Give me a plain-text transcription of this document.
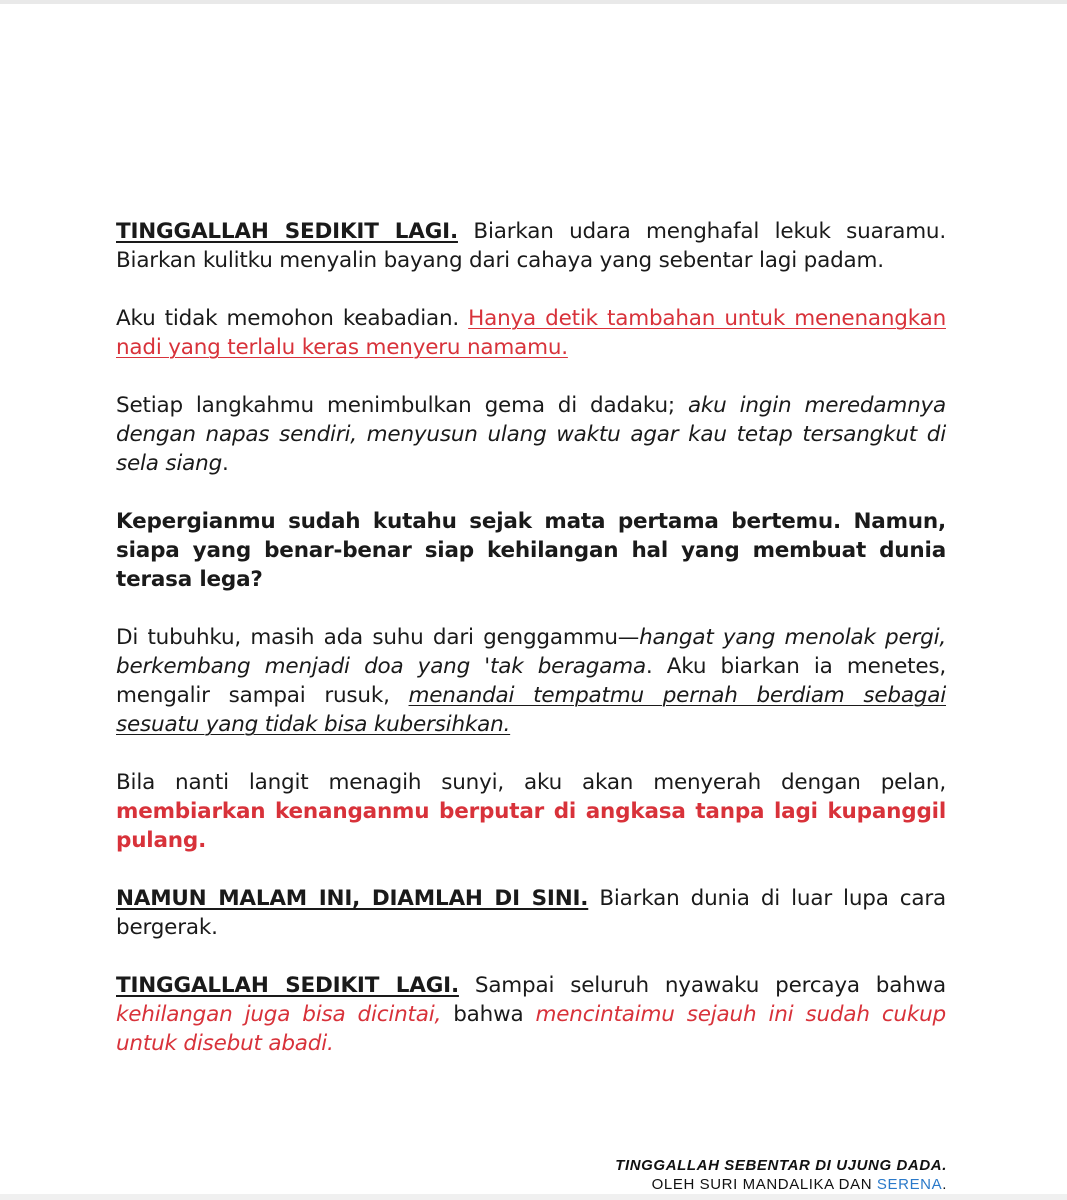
TINGGALLAH SEDIKIT LAGI. Biarkan udara menghafal lekuk suaramu. Biarkan kulitku menyalin bayang dari cahaya yang sebentar lagi padam.

Aku tidak memohon keabadian. Hanya detik tambahan untuk menenangkan nadi yang terlalu keras menyeru namamu.

Setiap langkahmu menimbulkan gema di dadaku; aku ingin meredamnya dengan napas sendiri, menyusun ulang waktu agar kau tetap tersangkut di sela siang.

Kepergianmu sudah kutahu sejak mata pertama bertemu. Namun, siapa yang benar-benar siap kehilangan hal yang membuat dunia terasa lega?

Di tubuhku, masih ada suhu dari genggammu—hangat yang menolak pergi, berkembang menjadi doa yang 'tak beragama. Aku biarkan ia menetes, mengalir sampai rusuk, menandai tempatmu pernah berdiam sebagai sesuatu yang tidak bisa kubersihkan.

Bila nanti langit menagih sunyi, aku akan menyerah dengan pelan, membiarkan kenanganmu berputar di angkasa tanpa lagi kupanggil pulang.

NAMUN MALAM INI, DIAMLAH DI SINI. Biarkan dunia di luar lupa cara bergerak.

TINGGALLAH SEDIKIT LAGI. Sampai seluruh nyawaku percaya bahwa kehilangan juga bisa dicintai, bahwa mencintaimu sejauh ini sudah cukup untuk disebut abadi.

TINGGALLAH SEBENTAR DI UJUNG DADA.
OLEH SURI MANDALIKA DAN SERENA.
